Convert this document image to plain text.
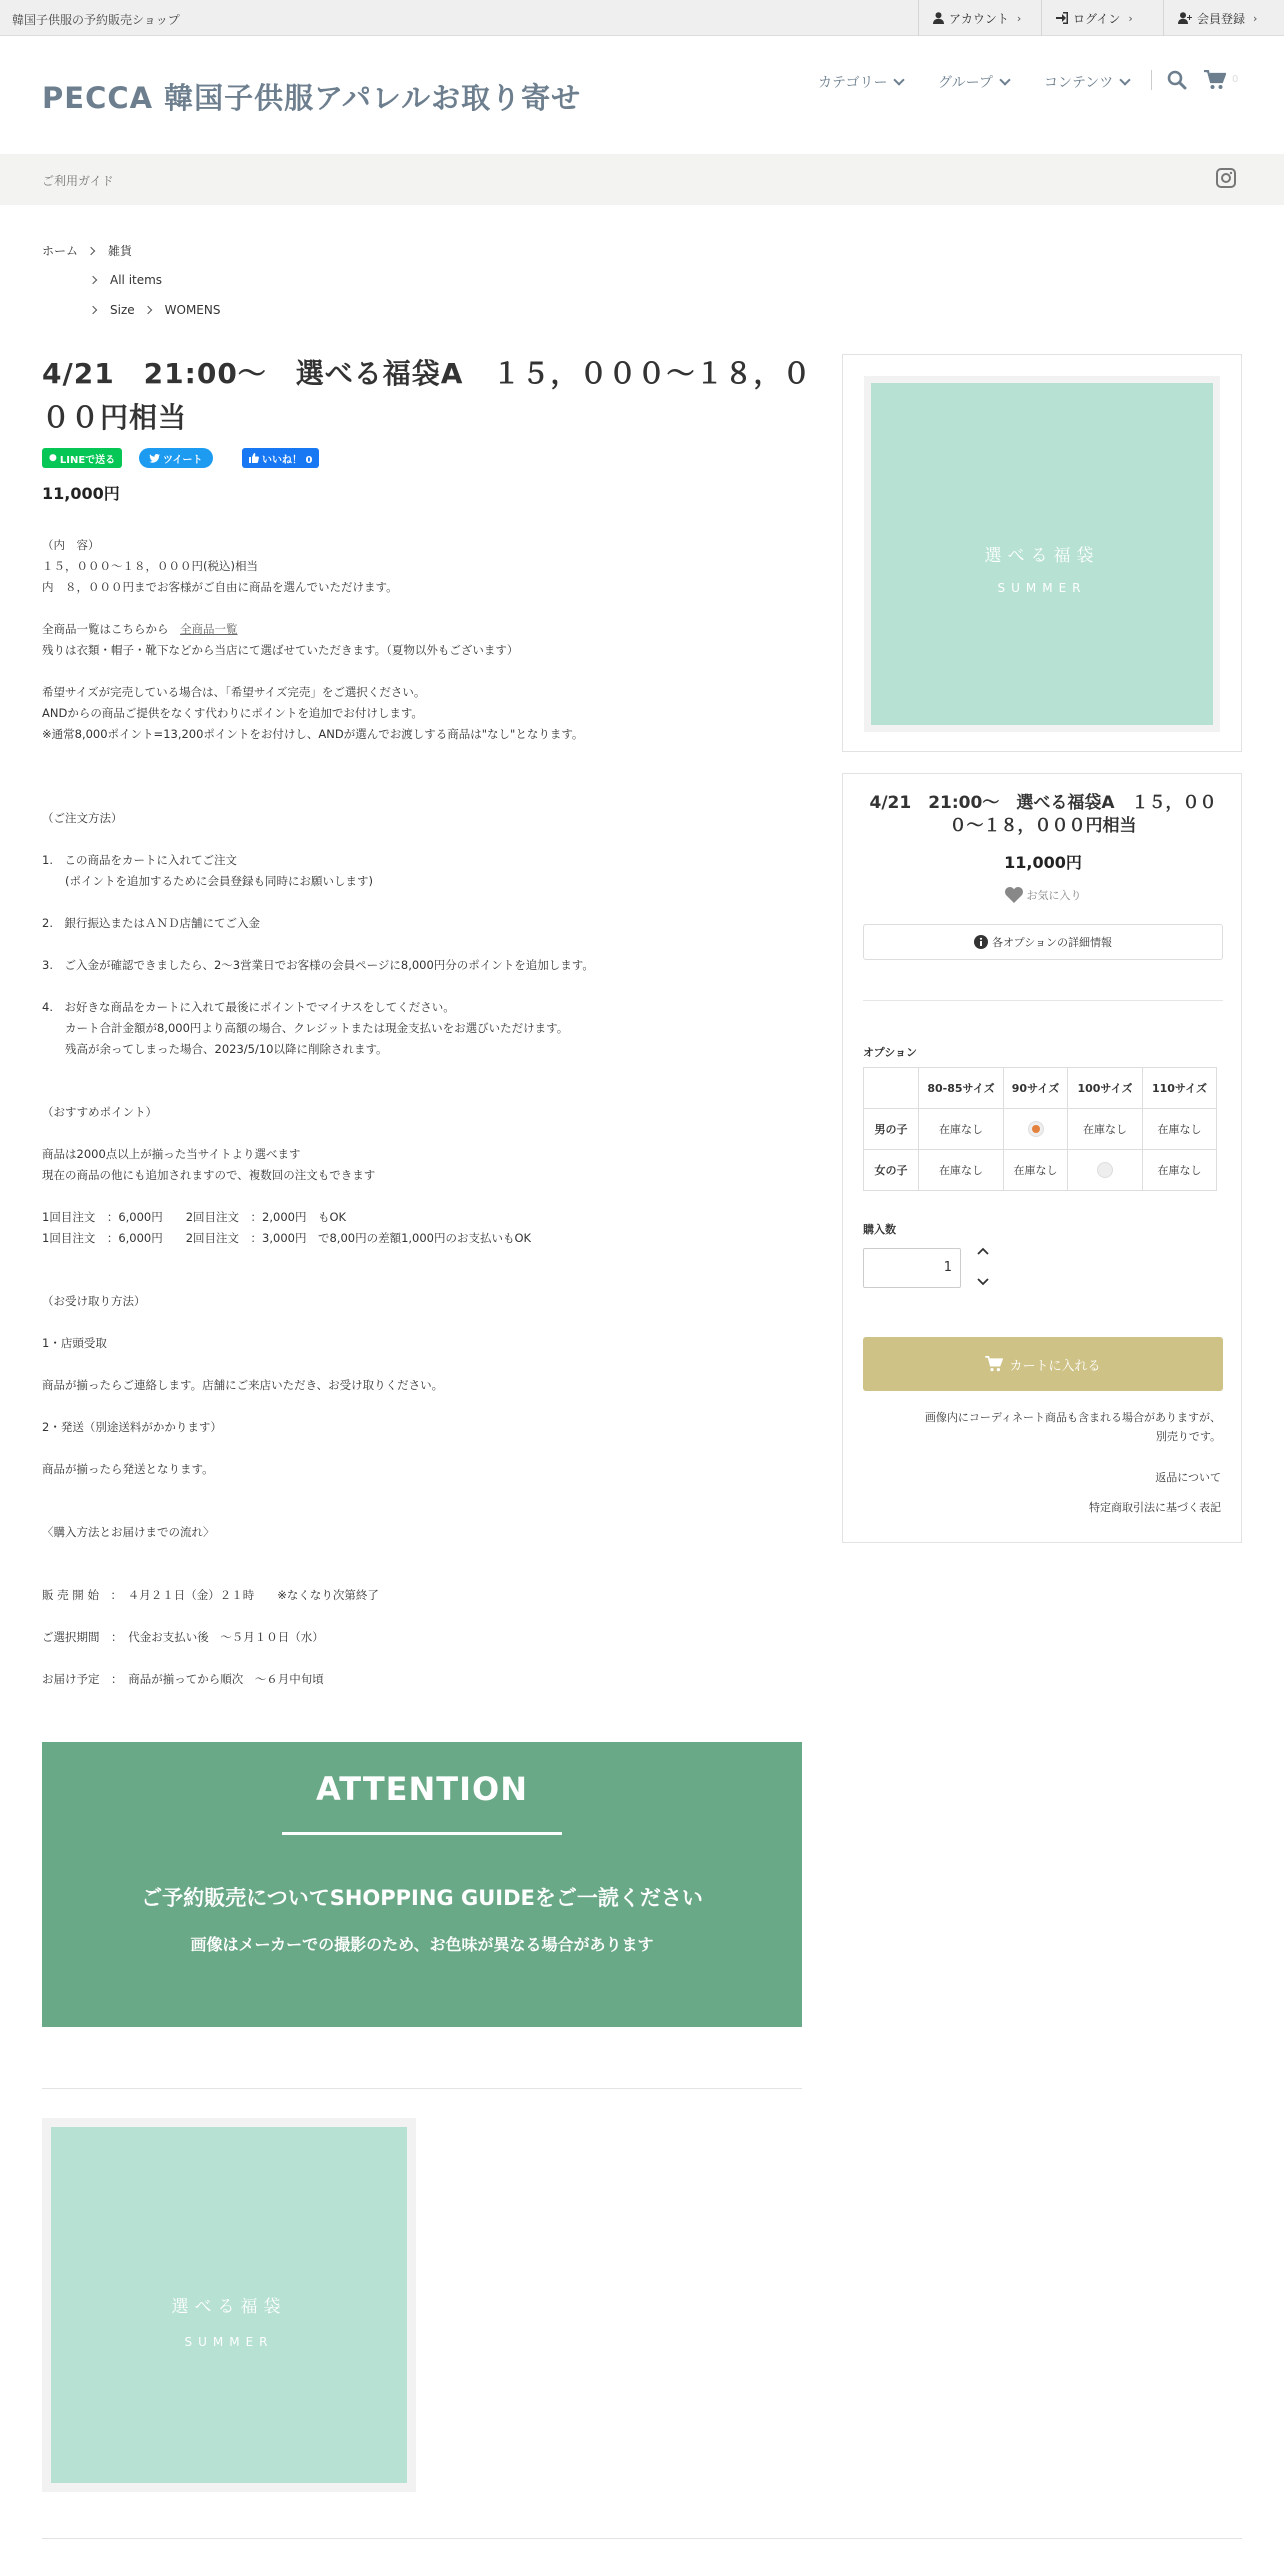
韓国子供服の予約販売ショップ	アカウント ›	ログイン ›	会員登録 ›
PECCA 韓国子供服アパレルお取り寄せ	カテゴリー	グループ	コンテンツ	0
ご利用ガイド
ホーム	雑貨
All items
Size	WOMENS
4/21　21:00～　選べる福袋A　１５，０００～１８，０００円相当
● LINEで送る	ツイート	いいね！ 0
11,000円
（内　容）
１５，０００～１８，０００円(税込)相当
内　８，０００円までお客様がご自由に商品を選んでいただけます。
全商品一覧はこちらから　 全商品一覧
残りは衣類・帽子・靴下などから当店にて選ばせていただきます。（夏物以外もございます）

希望サイズが完売している場合は、「希望サイズ完売」をご選択ください。
ANDからの商品ご提供をなくす代わりにポイントを追加でお付けします。
※通常8,000ポイント=13,200ポイントをお付けし、ANDが選んでお渡しする商品は"なし"となります。
（ご注文方法）

1.　この商品をカートに入れてご注文
　　(ポイントを追加するために会員登録も同時にお願いします)

2.　銀行振込またはＡＮＤ店舗にてご入金

3.　ご入金が確認できましたら、2～3営業日でお客様の会員ページに8,000円分のポイントを追加します。

4.　お好きな商品をカートに入れて最後にポイントでマイナスをしてください。
　　カート合計金額が8,000円より高額の場合、クレジットまたは現金支払いをお選びいただけます。
　　残高が余ってしまった場合、2023/5/10以降に削除されます。

（おすすめポイント）

商品は2000点以上が揃った当サイトより選べます
現在の商品の他にも追加されますので、複数回の注文もできます

1回目注文　：6,000円　　2回目注文　：2,000円　もOK
1回目注文　：6,000円　　2回目注文　：3,000円　で8,00円の差額1,000円のお支払いもOK

（お受け取り方法）

1・店頭受取

商品が揃ったらご連絡します。店舗にご来店いただき、お受け取りください。

2・発送（別途送料がかかります）

商品が揃ったら発送となります。

〈購入方法とお届けまでの流れ〉

販 売 開 始　：　４月２１日（金）２１時　　※なくなり次第終了

ご選択期間　：　代金お支払い後　～５月１０日（水）

お届け予定　：　商品が揃ってから順次　～６月中旬頃
ATTENTION
ご予約販売についてSHOPPING GUIDEをご一読ください
画像はメーカーでの撮影のため、お色味が異なる場合があります
選べる福袋
SUMMER
選べる福袋
SUMMER
4/21　21:00～　選べる福袋A　１５，０００～１８，０００円相当
11,000円
お気に入り
各オプションの詳細情報
オプション
	80-85サイズ	90サイズ	100サイズ	110サイズ
男の子	在庫なし		在庫なし	在庫なし
女の子	在庫なし	在庫なし		在庫なし
購入数
1
カートに入れる
画像内にコーディネート商品も含まれる場合がありますが、
別売りです。
返品について
特定商取引法に基づく表記
